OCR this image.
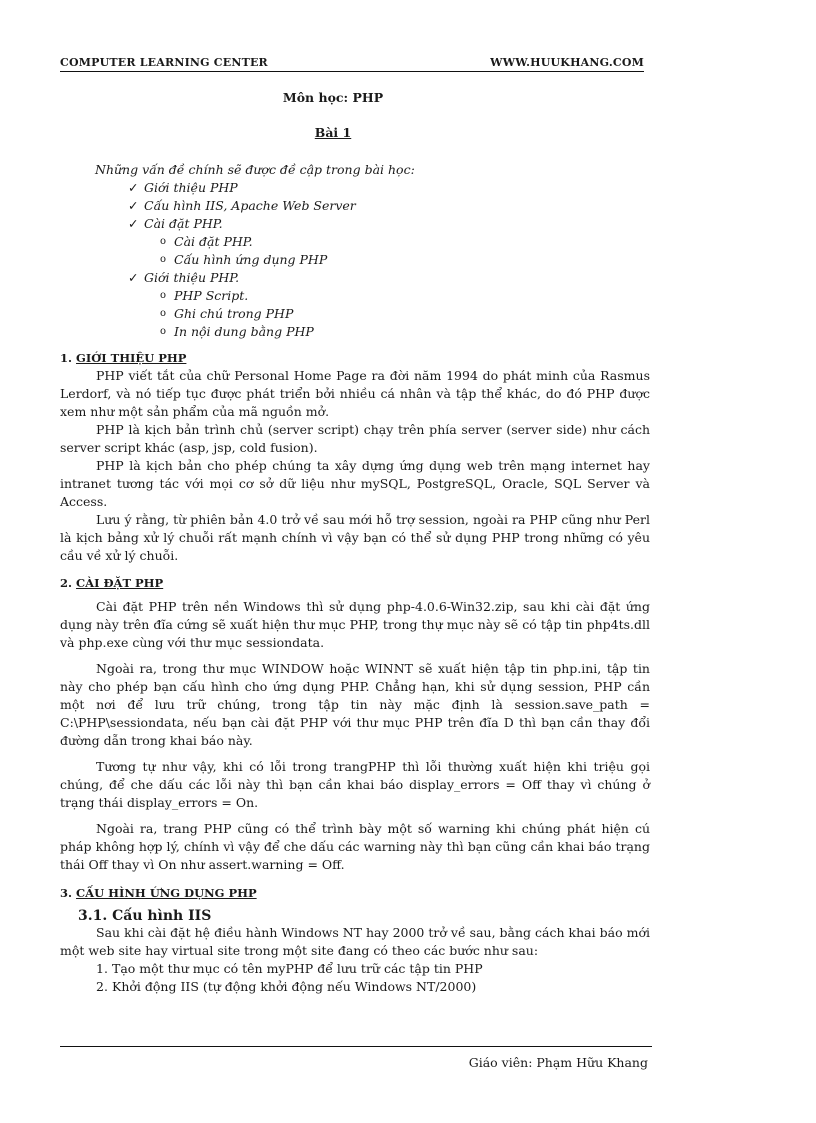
COMPUTER LEARNING CENTER	WWW.HUUKHANG.COM
Môn học: PHP
Bài 1
Những vấn đề chính sẽ được đề cập trong bài học:
✓ Giới thiệu PHP
✓ Cấu hình IIS, Apache Web Server
✓ Cài đặt PHP.
o Cài đặt PHP.
o Cấu hình ứng dụng PHP
✓ Giới thiệu PHP.
o PHP Script.
o Ghi chú trong PHP
o In nội dung bằng PHP
1. GIỚI THIỆU PHP

PHP viết tắt của chữ Personal Home Page ra đời năm 1994 do phát minh của Rasmus Lerdorf, và nó tiếp tục được phát triển bởi nhiều cá nhân và tập thể khác, do đó PHP được xem như một sản phẩm của mã nguồn mở.

PHP là kịch bản trình chủ (server script) chạy trên phía server (server side) như cách server script khác (asp, jsp, cold fusion).

PHP là kịch bản cho phép chúng ta xây dựng ứng dụng web trên mạng internet hay intranet tương tác với mọi cơ sở dữ liệu như mySQL, PostgreSQL, Oracle, SQL Server và Access.

Lưu ý rằng, từ phiên bản 4.0 trở về sau mới hỗ trợ session, ngoài ra PHP cũng như Perl là kịch bảng xử lý chuỗi rất mạnh chính vì vậy bạn có thể sử dụng PHP trong những có yêu cầu về xử lý chuỗi.

2. CÀI ĐẶT PHP

Cài đặt PHP trên nền Windows thì sử dụng php-4.0.6-Win32.zip, sau khi cài đặt ứng dụng này trên đĩa cứng sẽ xuất hiện thư mục PHP, trong thự mục này sẽ có tập tin php4ts.dll và php.exe cùng với thư mục sessiondata.

Ngoài ra, trong thư mục WINDOW hoặc WINNT sẽ xuất hiện tập tin php.ini, tập tin này cho phép bạn cấu hình cho ứng dụng PHP. Chẳng hạn, khi sử dụng session, PHP cần một nơi để lưu trữ chúng, trong tập tin này mặc định là session.save_path = C:\PHP\sessiondata, nếu bạn cài đặt PHP với thư mục PHP trên đĩa D thì bạn cần thay đổi đường dẫn trong khai báo này.

Tương tự như vậy, khi có lỗi trong trangPHP thì lỗi thường xuất hiện khi triệu gọi chúng, để che dấu các lỗi này thì bạn cần khai báo display_errors = Off thay vì chúng ở trạng thái display_errors = On.

Ngoài ra, trang PHP cũng có thể trình bày một số warning khi chúng phát hiện cú pháp không hợp lý, chính vì vậy để che dấu các warning này thì bạn cũng cần khai báo trạng thái Off thay vì On như assert.warning = Off.

3. CẤU HÌNH ỨNG DỤNG PHP
3.1. Cấu hình IIS

Sau khi cài đặt hệ điều hành Windows NT hay 2000 trở về sau, bằng cách khai báo mới một web site hay virtual site trong một site đang có theo các bước như sau:

1. Tạo một thư mục có tên myPHP để lưu trữ các tập tin PHP
2. Khởi động IIS (tự động khởi động nếu Windows NT/2000)
Giáo viên: Phạm Hữu Khang
